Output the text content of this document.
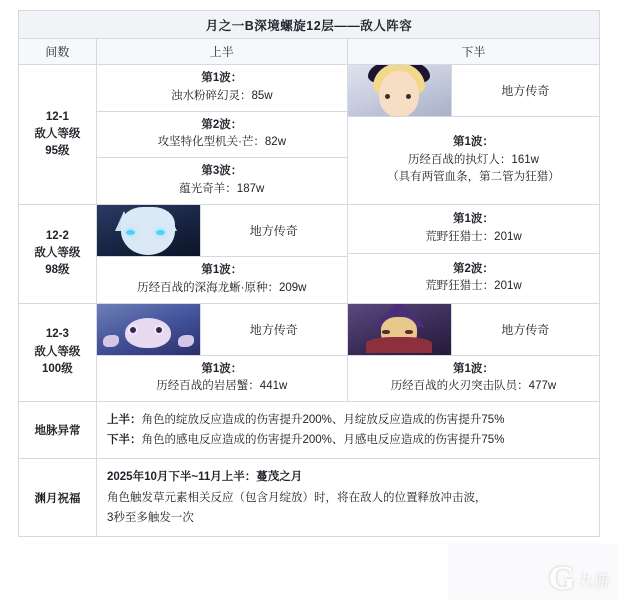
月之一B深境螺旋12层——敌人阵容
间数	上半	下半
12-1
敌人等级
95级
第1波：
浊水粉碎幻灵：85w
第2波：
攻坚特化型机关·芒：82w
第3波：
蕴光奇羊：187w
地方传奇
第1波：
历经百战的执灯人：161w
（具有两管血条，第二管为狂猎）
12-2
敌人等级
98级
地方传奇
第1波：
历经百战的深海龙蜥·原种：209w
第1波：
荒野狂猎士：201w
第2波：
荒野狂猎士：201w
12-3
敌人等级
100级
地方传奇
第1波：
历经百战的岩居蟹：441w
地方传奇
第1波：
历经百战的火刃突击队员：477w
地脉异常
上半：角色的绽放反应造成的伤害提升200%、月绽放反应造成的伤害提升75%
下半：角色的感电反应造成的伤害提升200%、月感电反应造成的伤害提升75%
渊月祝福
2025年10月下半~11月上半：蔓茂之月
角色触发草元素相关反应（包含月绽放）时，将在敌人的位置释放冲击波，
3秒至多触发一次
G 九游
